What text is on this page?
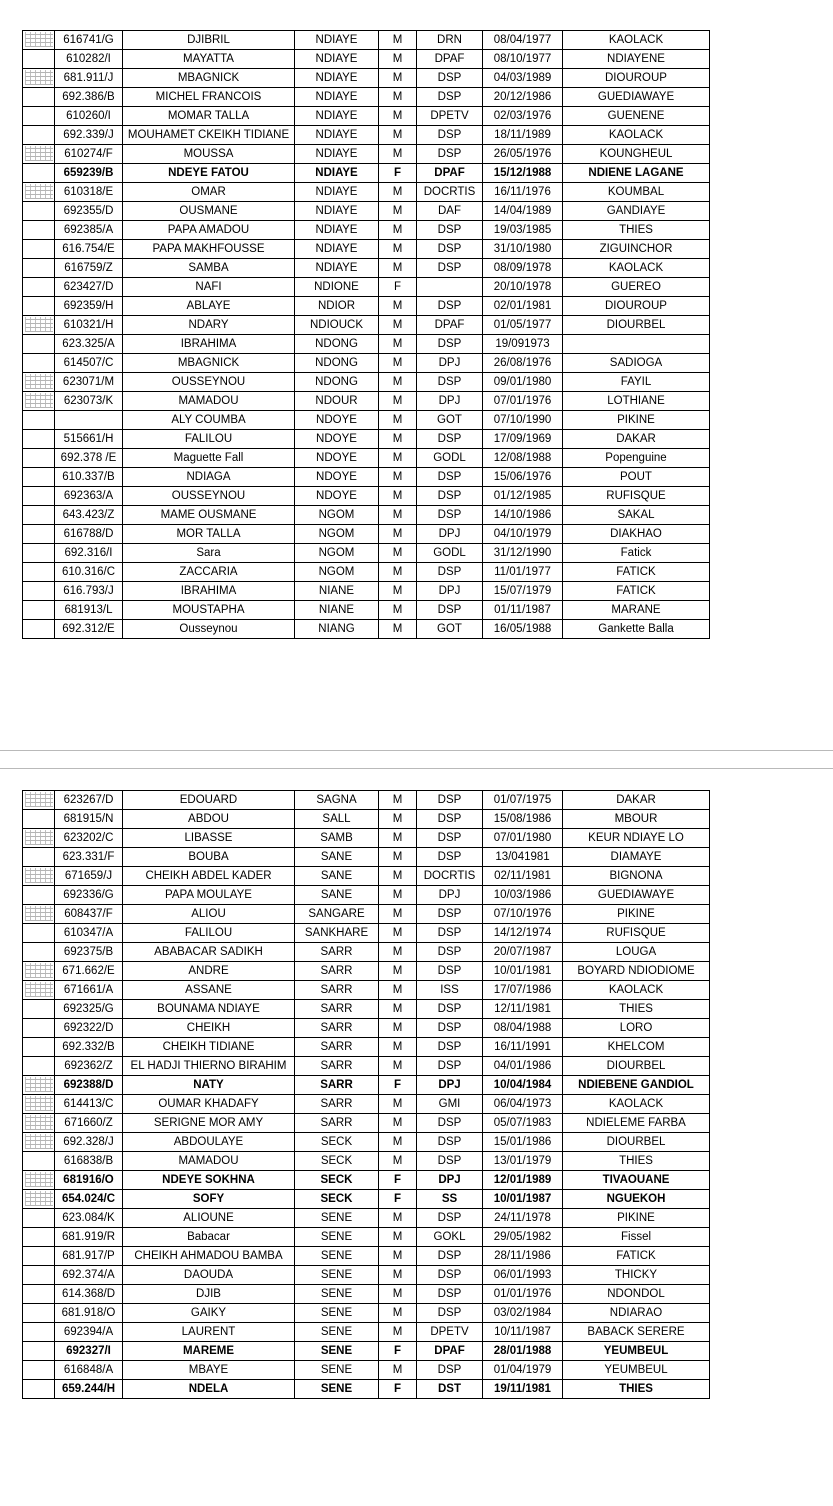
	616741/G	DJIBRIL	NDIAYE	M	DRN	08/04/1977	KAOLACK
	610282/I	MAYATTA	NDIAYE	M	DPAF	08/10/1977	NDIAYENE

	681.911/J	MBAGNICK	NDIAYE	M	DSP	04/03/1989	DIOUROUP
	692.386/B	MICHEL FRANCOIS	NDIAYE	M	DSP	20/12/1986	GUEDIAWAYE
	610260/I	MOMAR TALLA	NDIAYE	M	DPETV	02/03/1976	GUENENE
	692.339/J	MOUHAMET CKEIKH TIDIANE	NDIAYE	M	DSP	18/11/1989	KAOLACK

	610274/F	MOUSSA	NDIAYE	M	DSP	26/05/1976	KOUNGHEUL
	659239/B	NDEYE FATOU	NDIAYE	F	DPAF	15/12/1988	NDIENE LAGANE

	610318/E	OMAR	NDIAYE	M	DOCRTIS	16/11/1976	KOUMBAL
	692355/D	OUSMANE	NDIAYE	M	DAF	14/04/1989	GANDIAYE
	692385/A	PAPA AMADOU	NDIAYE	M	DSP	19/03/1985	THIES
	616.754/E	PAPA MAKHFOUSSE	NDIAYE	M	DSP	31/10/1980	ZIGUINCHOR
	616759/Z	SAMBA	NDIAYE	M	DSP	08/09/1978	KAOLACK
	623427/D	NAFI	NDIONE	F		20/10/1978	GUEREO
	692359/H	ABLAYE	NDIOR	M	DSP	02/01/1981	DIOUROUP

	610321/H	NDARY	NDIOUCK	M	DPAF	01/05/1977	DIOURBEL
	623.325/A	IBRAHIMA	NDONG	M	DSP	19/091973	
	614507/C	MBAGNICK	NDONG	M	DPJ	26/08/1976	SADIOGA

	623071/M	OUSSEYNOU	NDONG	M	DSP	09/01/1980	FAYIL

	623073/K	MAMADOU	NDOUR	M	DPJ	07/01/1976	LOTHIANE
		ALY COUMBA	NDOYE	M	GOT	07/10/1990	PIKINE
	515661/H	FALILOU	NDOYE	M	DSP	17/09/1969	DAKAR
	692.378 /E	Maguette Fall	NDOYE	M	GODL	12/08/1988	Popenguine
	610.337/B	NDIAGA	NDOYE	M	DSP	15/06/1976	POUT
	692363/A	OUSSEYNOU	NDOYE	M	DSP	01/12/1985	RUFISQUE
	643.423/Z	MAME OUSMANE	NGOM	M	DSP	14/10/1986	SAKAL
	616788/D	MOR TALLA	NGOM	M	DPJ	04/10/1979	DIAKHAO
	692.316/I	Sara	NGOM	M	GODL	31/12/1990	Fatick
	610.316/C	ZACCARIA	NGOM	M	DSP	11/01/1977	FATICK
	616.793/J	IBRAHIMA	NIANE	M	DPJ	15/07/1979	FATICK
	681913/L	MOUSTAPHA	NIANE	M	DSP	01/11/1987	MARANE
	692.312/E	Ousseynou	NIANG	M	GOT	16/05/1988	Gankette Balla
	623267/D	EDOUARD	SAGNA	M	DSP	01/07/1975	DAKAR
	681915/N	ABDOU	SALL	M	DSP	15/08/1986	MBOUR

	623202/C	LIBASSE	SAMB	M	DSP	07/01/1980	KEUR NDIAYE LO
	623.331/F	BOUBA	SANE	M	DSP	13/041981	DIAMAYE

	671659/J	CHEIKH ABDEL KADER	SANE	M	DOCRTIS	02/11/1981	BIGNONA
	692336/G	PAPA MOULAYE	SANE	M	DPJ	10/03/1986	GUEDIAWAYE

	608437/F	ALIOU	SANGARE	M	DSP	07/10/1976	PIKINE
	610347/A	FALILOU	SANKHARE	M	DSP	14/12/1974	RUFISQUE
	692375/B	ABABACAR SADIKH	SARR	M	DSP	20/07/1987	LOUGA

	671.662/E	ANDRE	SARR	M	DSP	10/01/1981	BOYARD NDIODIOME

	671661/A	ASSANE	SARR	M	ISS	17/07/1986	KAOLACK
	692325/G	BOUNAMA NDIAYE	SARR	M	DSP	12/11/1981	THIES
	692322/D	CHEIKH	SARR	M	DSP	08/04/1988	LORO
	692.332/B	CHEIKH TIDIANE	SARR	M	DSP	16/11/1991	KHELCOM
	692362/Z	EL HADJI THIERNO BIRAHIM	SARR	M	DSP	04/01/1986	DIOURBEL

	692388/D	NATY	SARR	F	DPJ	10/04/1984	NDIEBENE GANDIOL

	614413/C	OUMAR KHADAFY	SARR	M	GMI	06/04/1973	KAOLACK

	671660/Z	SERIGNE MOR AMY	SARR	M	DSP	05/07/1983	NDIELEME FARBA

	692.328/J	ABDOULAYE	SECK	M	DSP	15/01/1986	DIOURBEL
	616838/B	MAMADOU	SECK	M	DSP	13/01/1979	THIES

	681916/O	NDEYE SOKHNA	SECK	F	DPJ	12/01/1989	TIVAOUANE

	654.024/C	SOFY	SECK	F	SS	10/01/1987	NGUEKOH
	623.084/K	ALIOUNE	SENE	M	DSP	24/11/1978	PIKINE
	681.919/R	Babacar	SENE	M	GOKL	29/05/1982	Fissel
	681.917/P	CHEIKH AHMADOU BAMBA	SENE	M	DSP	28/11/1986	FATICK
	692.374/A	DAOUDA	SENE	M	DSP	06/01/1993	THICKY
	614.368/D	DJIB	SENE	M	DSP	01/01/1976	NDONDOL
	681.918/O	GAIKY	SENE	M	DSP	03/02/1984	NDIARAO
	692394/A	LAURENT	SENE	M	DPETV	10/11/1987	BABACK SERERE
	692327/I	MAREME	SENE	F	DPAF	28/01/1988	YEUMBEUL
	616848/A	MBAYE	SENE	M	DSP	01/04/1979	YEUMBEUL
	659.244/H	NDELA	SENE	F	DST	19/11/1981	THIES
